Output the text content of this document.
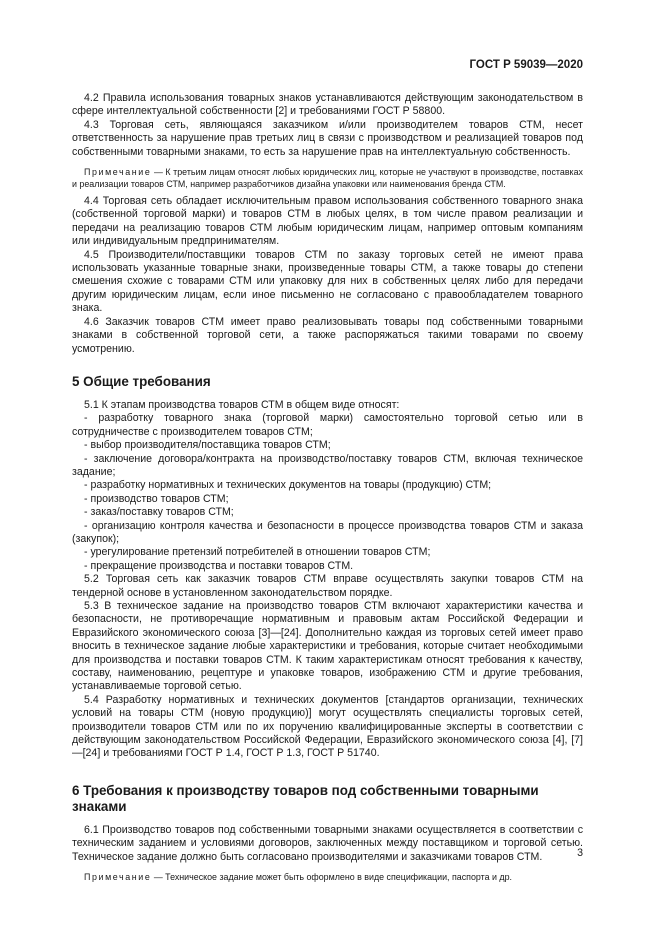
ГОСТ Р 59039—2020

4.2 Правила использования товарных знаков устанавливаются действующим законодательством в сфере интеллектуальной собственности [2] и требованиями ГОСТ Р 58800.

4.3 Торговая сеть, являющаяся заказчиком и/или производителем товаров СТМ, несет ответственность за нарушение прав третьих лиц в связи с производством и реализацией товаров под собственными товарными знаками, то есть за нарушение прав на интеллектуальную собственность.

Примечание — К третьим лицам относят любых юридических лиц, которые не участвуют в производстве, поставках и реализации товаров СТМ, например разработчиков дизайна упаковки или наименования бренда СТМ.

4.4 Торговая сеть обладает исключительным правом использования собственного товарного знака (собственной торговой марки) и товаров СТМ в любых целях, в том числе правом реализации и передачи на реализацию товаров СТМ любым юридическим лицам, например оптовым компаниям или индивидуальным предпринимателям.

4.5 Производители/поставщики товаров СТМ по заказу торговых сетей не имеют права использовать указанные товарные знаки, произведенные товары СТМ, а также товары до степени смешения схожие с товарами СТМ или упаковку для них в собственных целях либо для передачи другим юридическим лицам, если иное письменно не согласовано с правообладателем товарного знака.

4.6 Заказчик товаров СТМ имеет право реализовывать товары под собственными товарными знаками в собственной торговой сети, а также распоряжаться такими товарами по своему усмотрению.

5 Общие требования

5.1 К этапам производства товаров СТМ в общем виде относят:

- разработку товарного знака (торговой марки) самостоятельно торговой сетью или в сотрудничестве с производителем товаров СТМ;

- выбор производителя/поставщика товаров СТМ;

- заключение договора/контракта на производство/поставку товаров СТМ, включая техническое задание;

- разработку нормативных и технических документов на товары (продукцию) СТМ;

- производство товаров СТМ;

- заказ/поставку товаров СТМ;

- организацию контроля качества и безопасности в процессе производства товаров СТМ и заказа (закупок);

- урегулирование претензий потребителей в отношении товаров СТМ;

- прекращение производства и поставки товаров СТМ.

5.2 Торговая сеть как заказчик товаров СТМ вправе осуществлять закупки товаров СТМ на тендерной основе в установленном законодательством порядке.

5.3 В техническое задание на производство товаров СТМ включают характеристики качества и безопасности, не противоречащие нормативным и правовым актам Российской Федерации и Евразийского экономического союза [3]—[24]. Дополнительно каждая из торговых сетей имеет право вносить в техническое задание любые характеристики и требования, которые считает необходимыми для производства и поставки товаров СТМ. К таким характеристикам относят требования к качеству, составу, наименованию, рецептуре и упаковке товаров, изображению СТМ и другие требования, устанавливаемые торговой сетью.

5.4 Разработку нормативных и технических документов [стандартов организации, технических условий на товары СТМ (новую продукцию)] могут осуществлять специалисты торговых сетей, производители товаров СТМ или по их поручению квалифицированные эксперты в соответствии с действующим законодательством Российской Федерации, Евразийского экономического союза [4], [7]—[24] и требованиями ГОСТ Р 1.4, ГОСТ Р 1.3, ГОСТ Р 51740.

6 Требования к производству товаров под собственными товарными знаками

6.1 Производство товаров под собственными товарными знаками осуществляется в соответствии с техническим заданием и условиями договоров, заключенных между поставщиком и торговой сетью. Техническое задание должно быть согласовано производителями и заказчиками товаров СТМ.

Примечание — Техническое задание может быть оформлено в виде спецификации, паспорта и др.

3
